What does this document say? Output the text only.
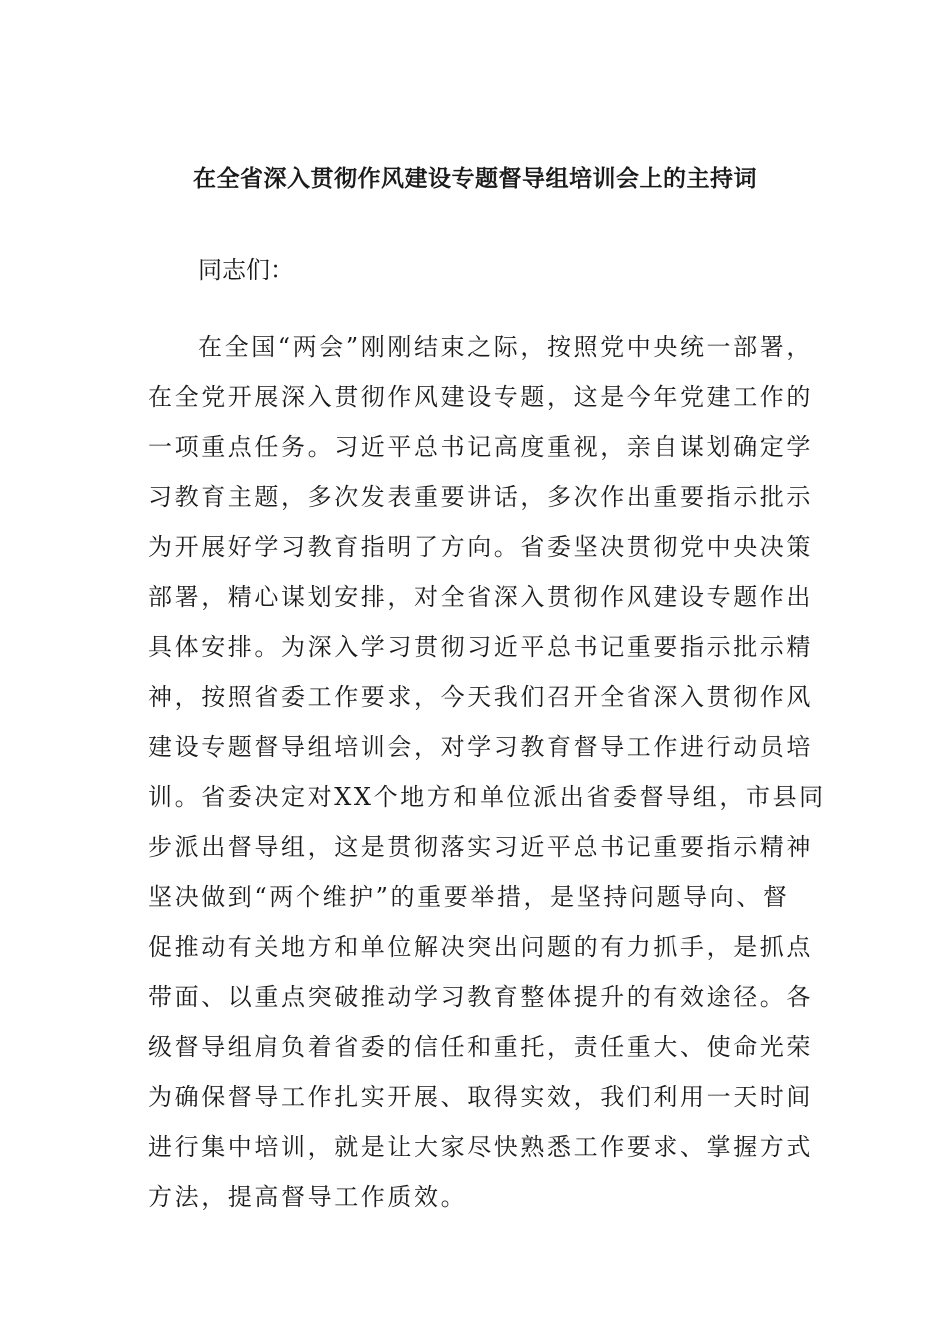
在全省深入贯彻作风建设专题督导组培训会上的主持词

同志们：

在全国“两会”刚刚结束之际，按照党中央统一部署，
在全党开展深入贯彻作风建设专题，这是今年党建工作的
一项重点任务。习近平总书记高度重视，亲自谋划确定学
习教育主题，多次发表重要讲话，多次作出重要指示批示
为开展好学习教育指明了方向。省委坚决贯彻党中央决策
部署，精心谋划安排，对全省深入贯彻作风建设专题作出
具体安排。为深入学习贯彻习近平总书记重要指示批示精
神，按照省委工作要求，今天我们召开全省深入贯彻作风
建设专题督导组培训会，对学习教育督导工作进行动员培
训。省委决定对XX个地方和单位派出省委督导组，市县同
步派出督导组，这是贯彻落实习近平总书记重要指示精神
坚决做到“两个维护”的重要举措，是坚持问题导向、督
促推动有关地方和单位解决突出问题的有力抓手，是抓点
带面、以重点突破推动学习教育整体提升的有效途径。各
级督导组肩负着省委的信任和重托，责任重大、使命光荣
为确保督导工作扎实开展、取得实效，我们利用一天时间
进行集中培训，就是让大家尽快熟悉工作要求、掌握方式
方法，提高督导工作质效。
